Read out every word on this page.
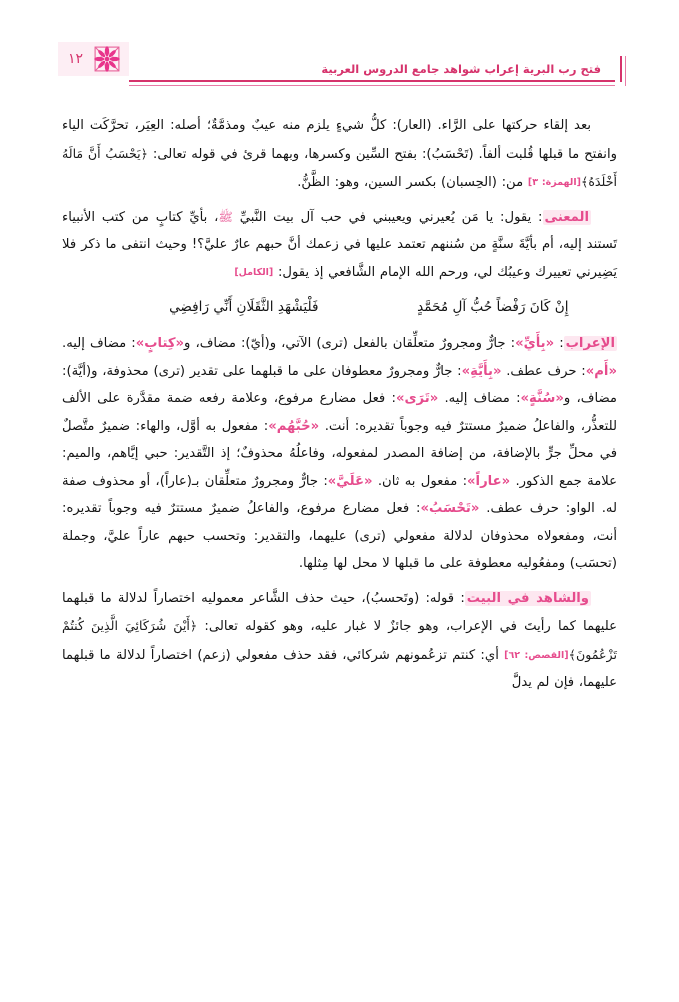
١٢
فتح رب البرية إعراب شواهد جامع الدروس العربية

بعد إلقاء حركتها على الرَّاء. (العار): كلُّ شيءٍ يلزم منه عيبٌ ومذمَّةٌ؛ أصله: العِيَر، تحرَّكَت الياء وانفتح ما قبلها قُلبت ألفاً. (تَحْسَبُ): بفتح السِّين وكسرها، وبهما قرئ في قوله تعالى: ﴿يَحْسَبُ أَنَّ مَالَهُ أَخْلَدَهُ﴾[الهمزة: ٣] من: (الحِسبان) بكسر السين، وهو: الظَّنُّ.

المعنى: يقول: يا مَن يُعيرني ويعيبني في حب آل بيت النَّبيِّ ﷺ، بأيِّ كتابٍ من كتب الأنبياء تَستند إليه، أم بأيَّةَ سنَّةٍ من سُننهم تعتمد عليها في زعمك أنَّ حبهم عارٌ عليَّ؟! وحيث انتفى ما ذكر فلا يَضِيرني تعييرك وعيبُك لي، ورحم الله الإمام الشَّافعي إذ يقول: [الكامل]

إِنْ كَانَ رَفْضاً حُبُّ آلِ مُحَمَّدٍ
فَلْيَشْهَدِ الثَّقَلَانِ أَنِّي رَافِضِي

الإعراب: «بِأَيِّ»: جارٌّ ومجرورٌ متعلِّقان بالفعل (ترى) الآتي، و(أيّ): مضاف، و«كِتابٍ»: مضاف إليه. «أَم»: حرف عطف. «بِأَيَّةِ»: جارٌّ ومجرورٌ معطوفان على ما قبلهما على تقدير (ترى) محذوفة، و(أيَّة): مضاف، و«سُنَّةٍ»: مضاف إليه. «تَرَى»: فعل مضارع مرفوع، وعلامة رفعه ضمة مقدَّرة على الألف للتعذُّر، والفاعلُ ضميرٌ مستترٌ فيه وجوباً تقديره: أنت. «حُبَّهُم»: مفعول به أوَّل، والهاء: ضميرٌ متَّصلٌ في محلِّ جرٍّ بالإضافة، من إضافة المصدر لمفعوله، وفاعلُهُ محذوفٌ؛ إذ التَّقدير: حبي إيَّاهم، والميم: علامة جمع الذكور. «عاراً»: مفعول به ثان. «عَلَيَّ»: جارٌّ ومجرورٌ متعلِّقان بـ(عاراً)، أو محذوف صفة له. الواو: حرف عطف. «تَحْسَبُ»: فعل مضارع مرفوع، والفاعلُ ضميرٌ مستترٌ فيه وجوباً تقديره: أنت، ومفعولاه محذوفان لدلالة مفعولي (ترى) عليهما، والتقدير: وتحسب حبهم عاراً عليَّ، وجملة (تحسَب) ومفعُوليه معطوفة على ما قبلها لا محل لها مِثلها.

والشاهد في البيت: قوله: (وتَحسبُ)، حيث حذف الشَّاعر معموليه اختصاراً لدلالة ما قبلهما عليهما كما رأيتَ في الإعراب، وهو جائزٌ لا غبار عليه، وهو كقوله تعالى: ﴿أَيْنَ شُرَكَائِيَ الَّذِينَ كُنتُمْ تَزْعُمُونَ﴾[القصص: ٦٢] أي: كنتم تزعُمونهم شركائي، فقد حذف مفعولي (زعم) اختصاراً لدلالة ما قبلهما عليهما، فإن لم يدلَّ
